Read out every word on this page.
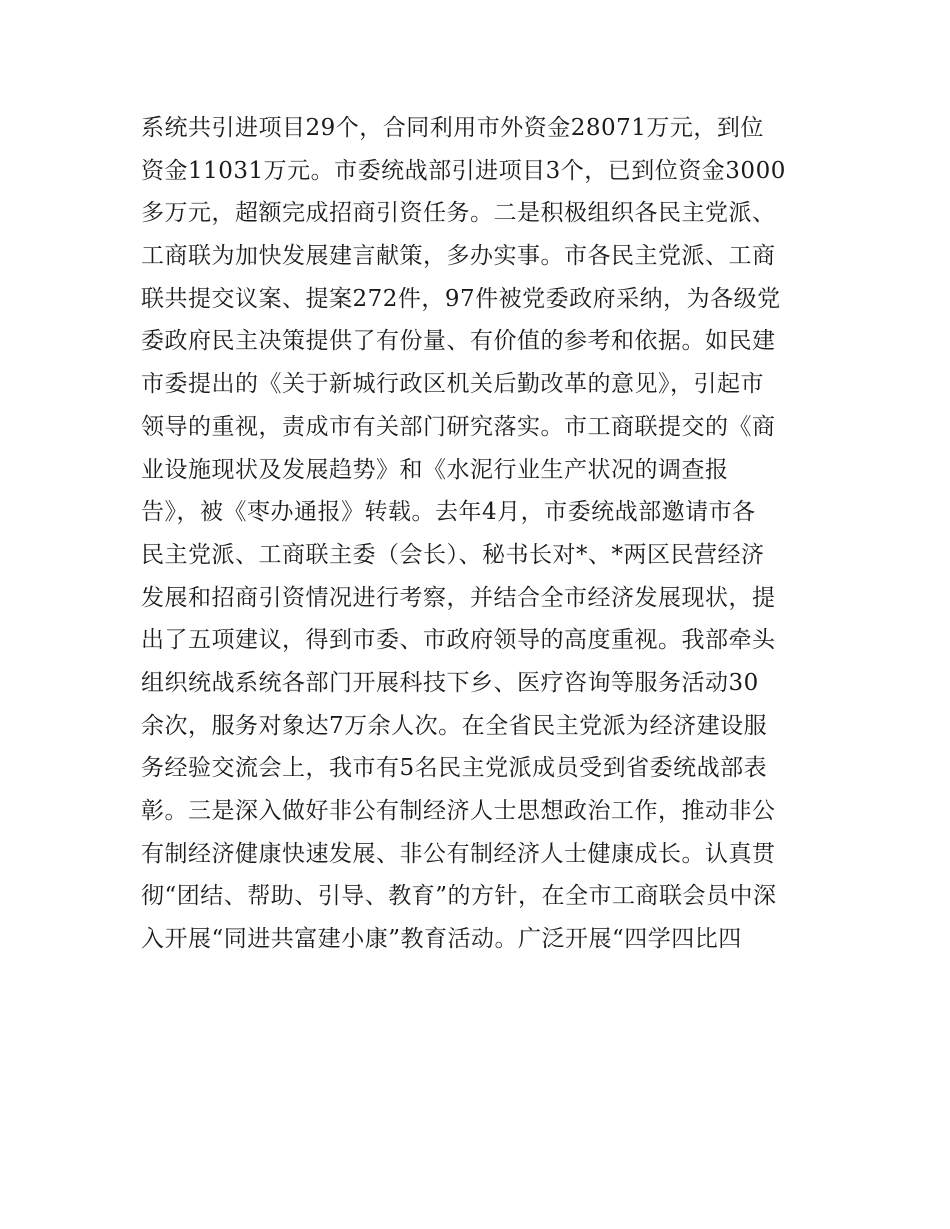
系统共引进项目29个，合同利用市外资金28071万元，到位
资金11031万元。市委统战部引进项目3个，已到位资金3000
多万元，超额完成招商引资任务。二是积极组织各民主党派、
工商联为加快发展建言献策，多办实事。市各民主党派、工商
联共提交议案、提案272件，97件被党委政府采纳，为各级党
委政府民主决策提供了有份量、有价值的参考和依据。如民建
市委提出的《关于新城行政区机关后勤改革的意见》，引起市
领导的重视，责成市有关部门研究落实。市工商联提交的《商
业设施现状及发展趋势》和《水泥行业生产状况的调查报
告》，被《枣办通报》转载。去年4月，市委统战部邀请市各
民主党派、工商联主委（会长）、秘书长对*、*两区民营经济
发展和招商引资情况进行考察，并结合全市经济发展现状，提
出了五项建议，得到市委、市政府领导的高度重视。我部牵头
组织统战系统各部门开展科技下乡、医疗咨询等服务活动30
余次，服务对象达7万余人次。在全省民主党派为经济建设服
务经验交流会上，我市有5名民主党派成员受到省委统战部表
彰。三是深入做好非公有制经济人士思想政治工作，推动非公
有制经济健康快速发展、非公有制经济人士健康成长。认真贯
彻“团结、帮助、引导、教育”的方针，在全市工商联会员中深
入开展“同进共富建小康”教育活动。广泛开展“四学四比四
